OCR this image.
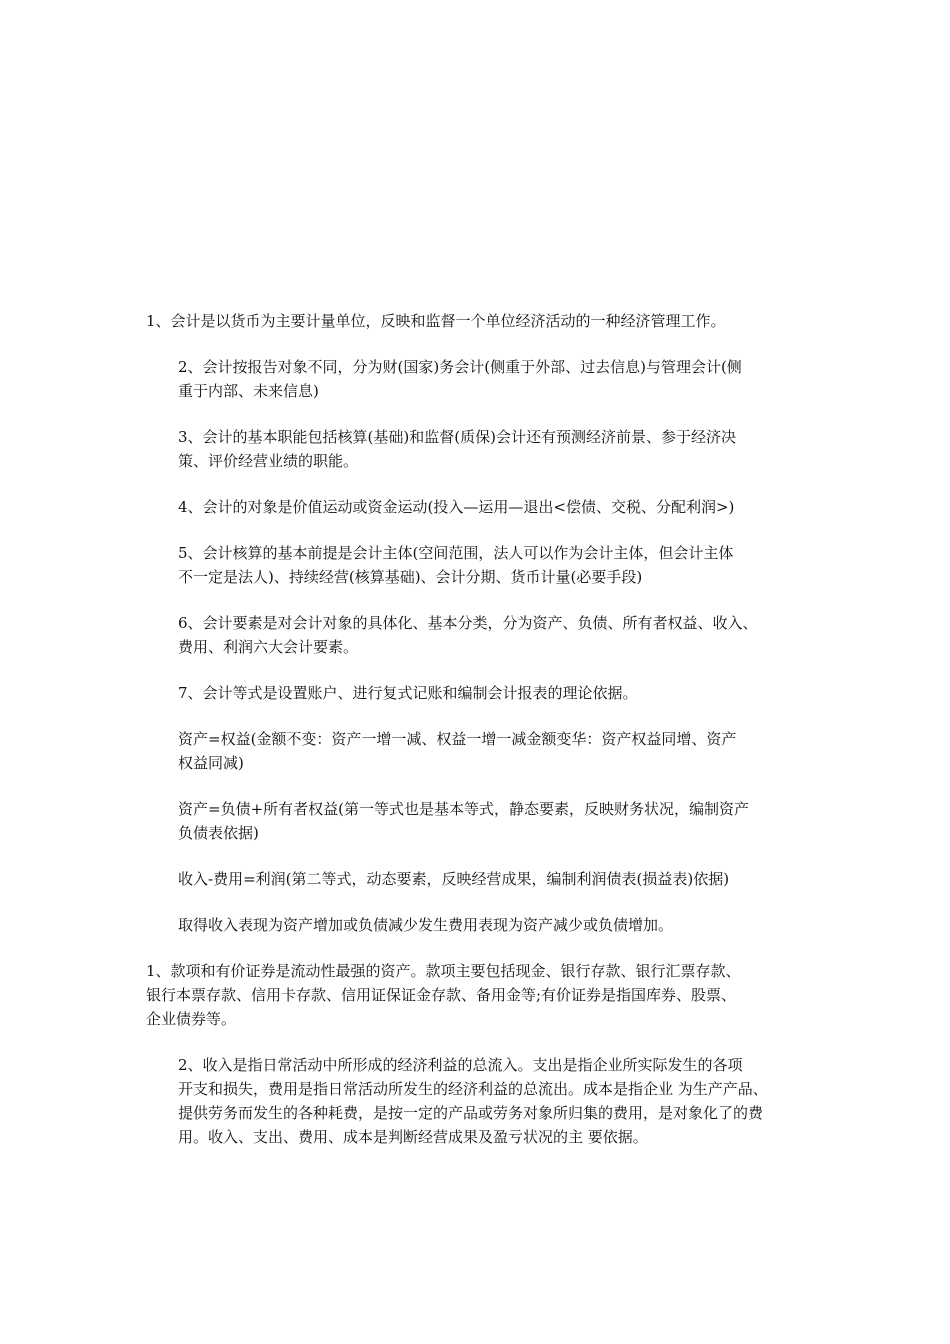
1、会计是以货币为主要计量单位，反映和监督一个单位经济活动的一种经济管理工作。

2、会计按报告对象不同，分为财(国家)务会计(侧重于外部、过去信息)与管理会计(侧
重于内部、未来信息)

3、会计的基本职能包括核算(基础)和监督(质保)会计还有预测经济前景、参于经济决
策、评价经营业绩的职能。

4、会计的对象是价值运动或资金运动(投入—运用—退出<偿债、交税、分配利润>)

5、会计核算的基本前提是会计主体(空间范围，法人可以作为会计主体，但会计主体
不一定是法人)、持续经营(核算基础)、会计分期、货币计量(必要手段)

6、会计要素是对会计对象的具体化、基本分类，分为资产、负债、所有者权益、收入、
费用、利润六大会计要素。

7、会计等式是设置账户、进行复式记账和编制会计报表的理论依据。

资产=权益(金额不变：资产一增一减、权益一增一减金额变华：资产权益同增、资产
权益同减)

资产=负债+所有者权益(第一等式也是基本等式，静态要素，反映财务状况，编制资产
负债表依据)

收入-费用=利润(第二等式，动态要素，反映经营成果，编制利润债表(损益表)依据)

取得收入表现为资产增加或负债减少发生费用表现为资产减少或负债增加。

1、款项和有价证券是流动性最强的资产。款项主要包括现金、银行存款、银行汇票存款、
银行本票存款、信用卡存款、信用证保证金存款、备用金等;有价证券是指国库券、股票、
企业债券等。

2、收入是指日常活动中所形成的经济利益的总流入。支出是指企业所实际发生的各项
开支和损失，费用是指日常活动所发生的经济利益的总流出。成本是指企业 为生产产品、
提供劳务而发生的各种耗费，是按一定的产品或劳务对象所归集的费用，是对象化了的费
用。收入、支出、费用、成本是判断经营成果及盈亏状况的主 要依据。
